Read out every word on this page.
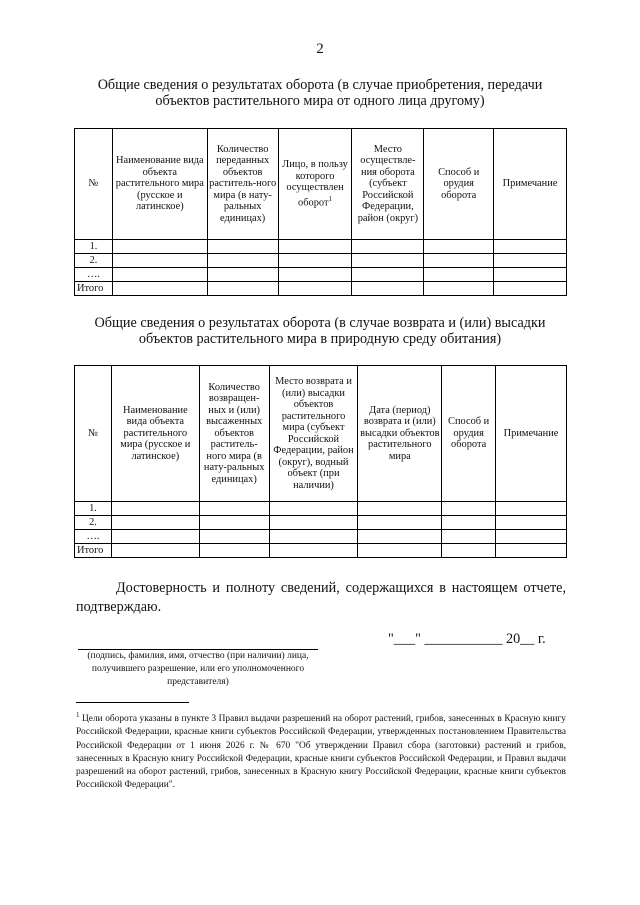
2
Общие сведения о результатах оборота (в случае приобретения, передачи объектов растительного мира от одного лица другому)
№	Наименование вида объекта растительного мира (русское и латинское)	Количество переданных объектов раститель-ного мира (в нату-ральных единицах)	Лицо, в пользу которого осуществлен оборот$^1$	Место осуществле-ния оборота (субъект Российской Федерации, район (округ)	Способ и орудия оборота	Примечание
1.						
2.						
….						
Итого						
Общие сведения о результатах оборота (в случае возврата и (или) высадки объектов растительного мира в природную среду обитания)
№	Наименование вида объекта растительного мира (русское и латинское)	Количество возвращен-ных и (или) высаженных объектов раститель-ного мира (в нату-ральных единицах)	Место возврата и (или) высадки объектов растительного мира (субъект Российской Федерации, район (округ), водный объект (при наличии)	Дата (период) возврата и (или) высадки объектов растительного мира	Способ и орудия оборота	Примечание
1.						
2.						
….						
Итого						
Достоверность и полноту сведений, содержащихся в настоящем отчете, подтверждаю.
(подпись, фамилия, имя, отчество (при наличии) лица, получившего разрешение, или его уполномоченного представителя)
"___" ___________ 20__ г.
$^1$ Цели оборота указаны в пункте 3 Правил выдачи разрешений на оборот растений, грибов, занесенных в Красную книгу Российской Федерации, красные книги субъектов Российской Федерации, утвержденных постановлением Правительства Российской Федерации от 1 июня 2026 г. № 670 "Об утверждении Правил сбора (заготовки) растений и грибов, занесенных в Красную книгу Российской Федерации, красные книги субъектов Российской Федерации, и Правил выдачи разрешений на оборот растений, грибов, занесенных в Красную книгу Российской Федерации, красные книги субъектов Российской Федерации".
